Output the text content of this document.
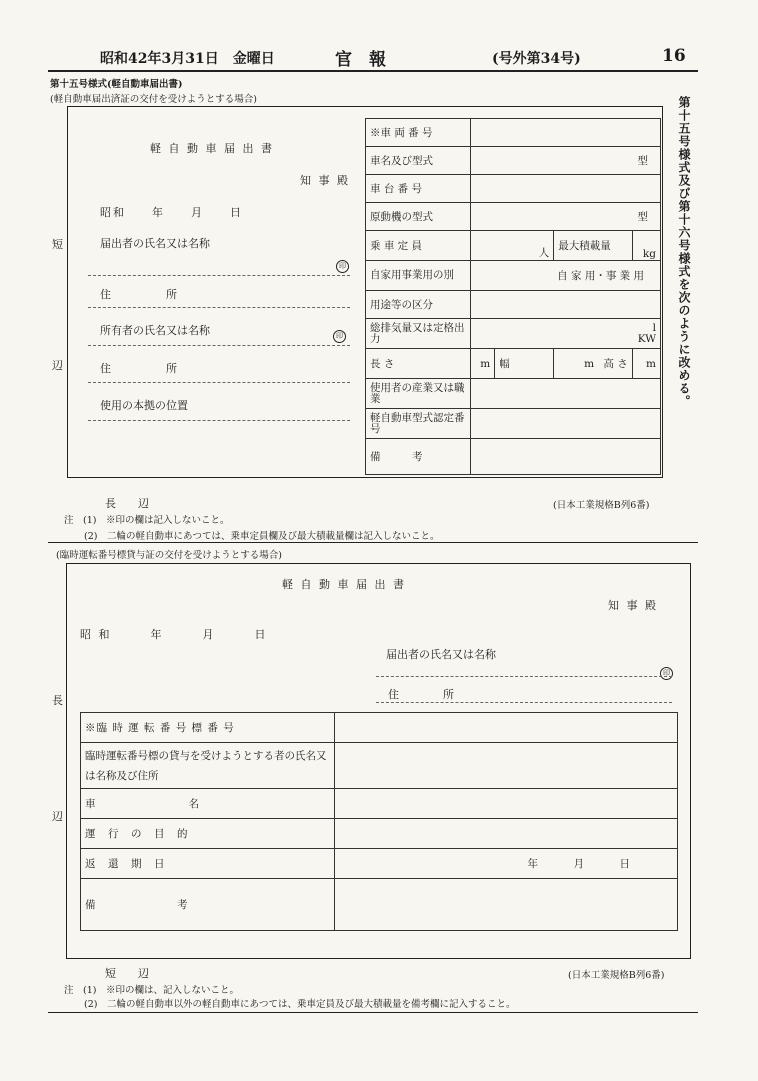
昭和42年3月31日　金曜日	官　報	(号外第34号)	16
第十五号様式及び第十六号様式を次のように改める。
第十五号様式(軽自動車届出書)
(軽自動車届出済証の交付を受けようとする場合)
短
辺
軽 自 動 車 届 出 書
知 事 殿
昭和　　年　　月　　日
届出者の氏名又は名称
印
住　　　　　所
所有者の氏名又は名称	印
住　　　　　所
使用の本拠の位置
※車 両 番 号				
車名及び型式	型			
車 台 番 号				
原動機の型式	型			
乗 車 定 員	人		最大積載量	kg
自家用事業用の別	自 家 用・事 業 用			
用途等の区分				
総排気量又は定格出力	l
KW			

長 さ	m	幅	m 高 さ	m
使用者の産業又は職業				
軽自動車型式認定番号				
備　　　考				
長　　辺	(日本工業規格B列6番)
注　(1)　※印の欄は記入しないこと。
(2)　二輪の軽自動車にあつては、乗車定員欄及び最大積載量欄は記入しないこと。
(臨時運転番号標貸与証の交付を受けようとする場合)
長
辺
軽 自 動 車 届 出 書
知 事 殿
昭 和　　　年　　　月　　　日
届出者の氏名又は名称
印
住　　　　所
※臨 時 運 転 番 号 標 番 号	
臨時運転番号標の貸与を受けようとする者の氏名又は名称及び住所	
車　　　　　　　　名	
運　行　の　目　的	
返　還　期　日	年　　　月　　　日
備　　　　　　　考	
短　　辺	(日本工業規格B列6番)
注　(1)　※印の欄は、記入しないこと。
(2)　二輪の軽自動車以外の軽自動車にあつては、乗車定員及び最大積載量を備考欄に記入すること。
